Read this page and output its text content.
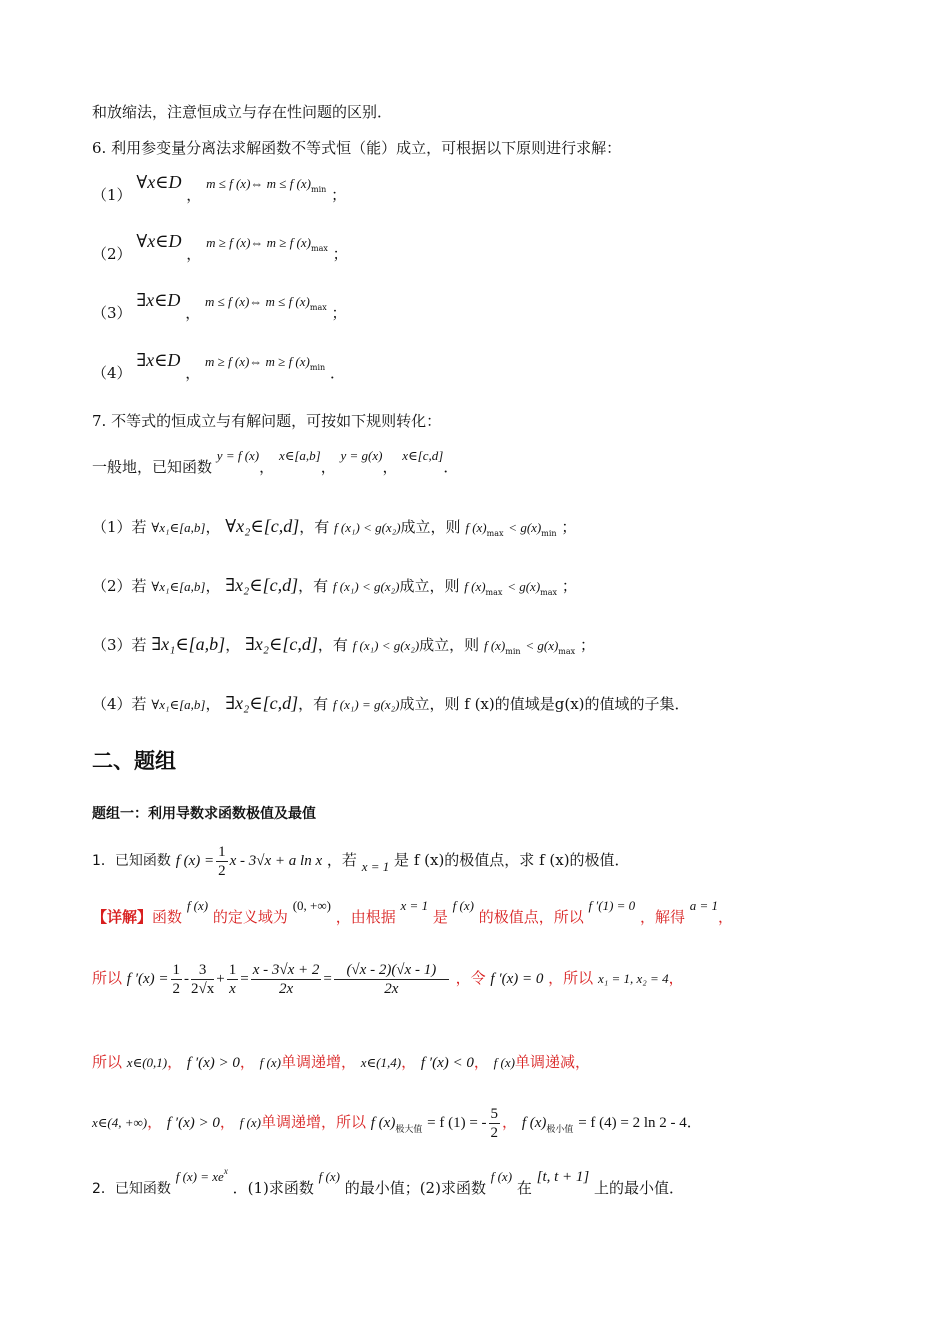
和放缩法，注意恒成立与存在性问题的区别．
6. 利用参变量分离法求解函数不等式恒（能）成立，可根据以下原则进行求解：
（1） ∀x∈D ， m ≤ f (x)⇔ m ≤ f $(x)^{min}$ ；
（2） ∀x∈D ， m ≥ f (x)⇔ m ≥ f $(x)^{max}$ ；
（3） ∃x∈D ， m ≤ f (x)⇔ m ≤ f $(x)^{max}$ ；
（4） ∃x∈D ， m ≥ f (x)⇔ m ≥ f $(x)^{min}$ ．
7. 不等式的恒成立与有解问题，可按如下规则转化：
一般地，已知函数 y = f (x)， x∈[a,b]， y = g(x)， x∈[c,d]．
（1）若 ∀x₁∈[a,b]， ∀x₂∈[c,d]，有 f (x₁) < g(x₂)成立，则 f $(x)_{max} < g(x)_{min}$ ；
（2）若 ∀x₁∈[a,b]， ∃x₂∈[c,d]，有 f (x₁) < g(x₂)成立，则 f $(x)_{max} < g(x)_{max}$ ；
（3）若 ∃x₁∈[a,b]， ∃x₂∈[c,d]，有 f (x₁) < g(x₂)成立，则 f $(x)_{min} < g(x)_{max}$ ；
（4）若 ∀x₁∈[a,b]， ∃x₂∈[c,d]，有 f (x₁) = g(x₂)成立，则 f (x)的值域是g(x)的值域的子集．
二、题组
题组一：利用导数求函数极值及最值
1．已知函数 f $(x) = \frac{1}{2}$ x - 3√x + a ln x ，若 x = 1 是 f (x)的极值点，求 f (x)的极值．
【详解】函数 f (x) 的定义域为 (0, +∞) ，由根据 x = 1 是 f (x) 的极值点，所以 f ′(1) = 0 ，解得 a = 1，
所以 f $'(x) = \frac{1}{2} - \frac{3}{2√x} + \frac{1}{x} = \frac{x - 3√x + 2}{2x} = \frac{(√x - 2)(√x - 1)}{2x}$ ，令 f ′(x) = 0 ，所以 x₁ = 1, x₂ = 4，
所以 x∈(0,1)， f ′(x) > 0， f (x)单调递增， x∈(1,4)， f ′(x) < 0， f (x)单调递减，
x∈(4, +∞)， f ′(x) > 0， f (x)单调递增，所以 f $(x)_{极大值} = f$ (1) = - $\frac{5}{2}$ ， f $(x)_{极小值} = f$ (4) = 2 ln 2 - 4．
2．已知函数 f $(x) = xe^x$ ．(1)求函数 f (x) 的最小值；(2)求函数 f (x) 在 [t, t + 1] 上的最小值．
